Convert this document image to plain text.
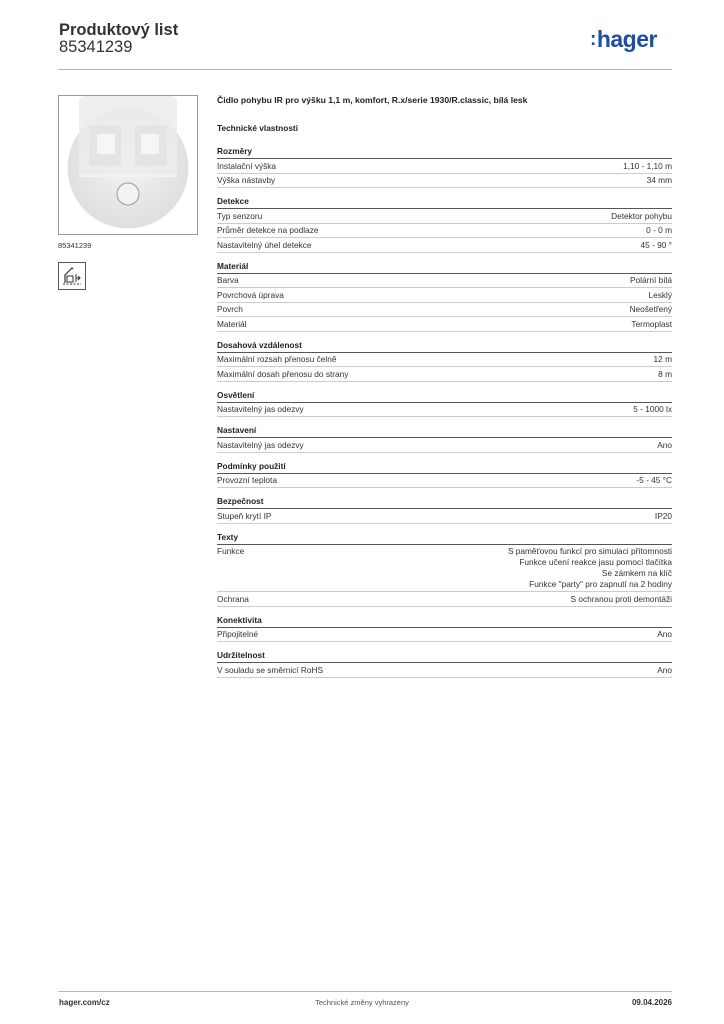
Produktový list
85341239	:hager
85341239
Čidlo pohybu IR pro výšku 1,1 m, komfort, R.x/serie 1930/R.classic, bílá lesk
Technické vlastnosti
Rozměry
Instalační výška	1,10 - 1,10 m
Výška nástavby	34 mm
Detekce
Typ senzoru	Detektor pohybu
Průměr detekce na podlaze	0 - 0 m
Nastavitelný úhel detekce	45 - 90 °
Materiál
Barva	Polární bílá
Povrchová úprava	Lesklý
Povrch	Neošetřený
Materiál	Termoplast
Dosahová vzdálenost
Maximální rozsah přenosu čelně	12 m
Maximální dosah přenosu do strany	8 m
Osvětlení
Nastavitelný jas odezvy	5 - 1000 lx
Nastavení
Nastavitelný jas odezvy	Ano
Podmínky použití
Provozní teplota	-5 - 45 °C
Bezpečnost
Stupeň krytí IP	IP20
Texty
Funkce	S paměťovou funkcí pro simulaci přítomnosti
Funkce učení reakce jasu pomocí tlačítka
Se zámkem na klíč
Funkce "party" pro zapnutí na 2 hodiny
Ochrana	S ochranou proti demontáži
Konektivita
Připojitelné	Ano
Udržitelnost
V souladu se směrnicí RoHS	Ano
hager.com/cz	Technické změny vyhrazeny	09.04.2026
